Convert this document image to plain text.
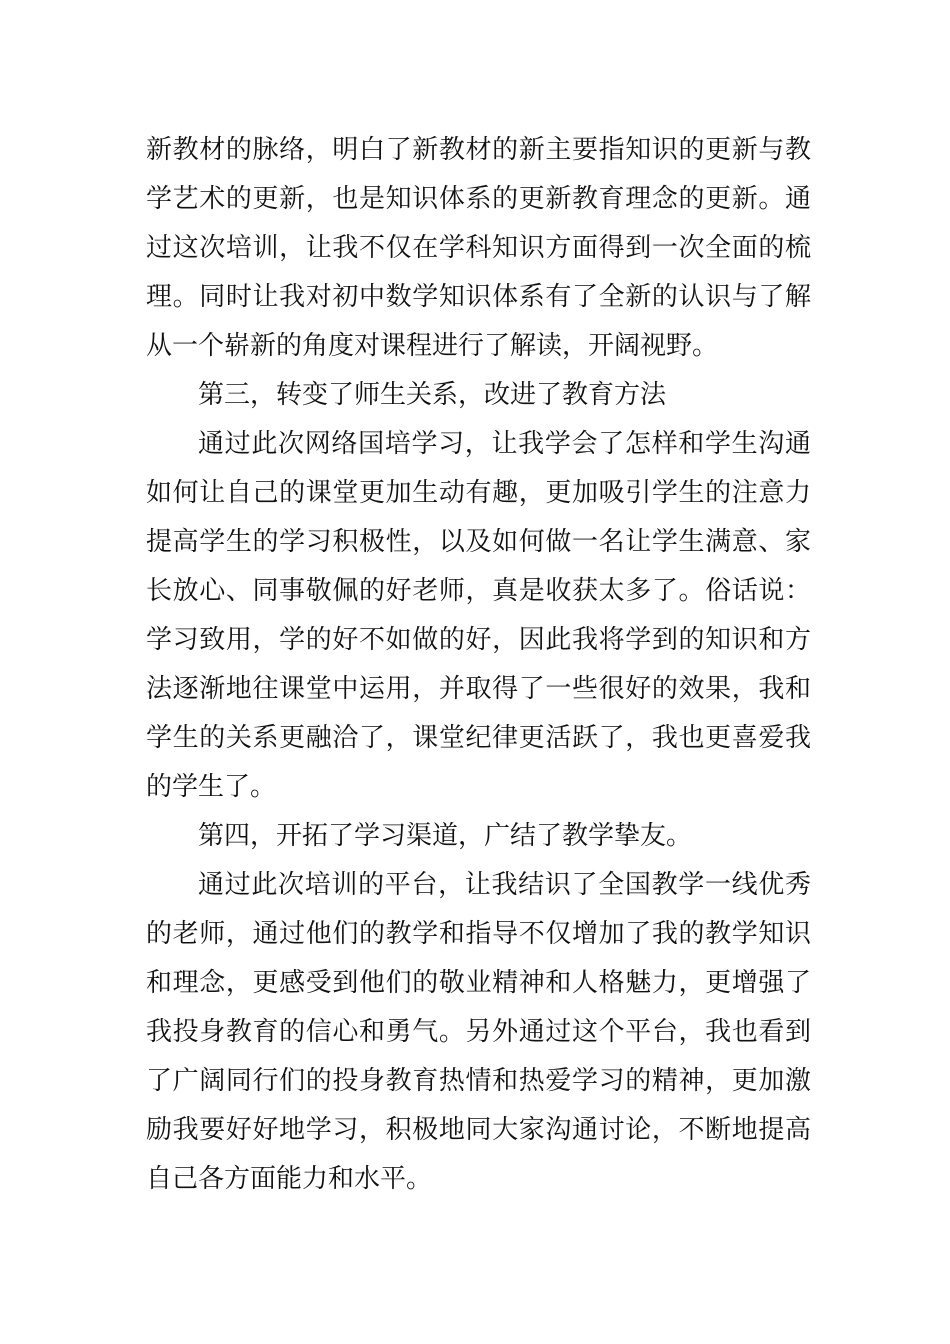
新教材的脉络，明白了新教材的新主要指知识的更新与教
学艺术的更新，也是知识体系的更新教育理念的更新。通
过这次培训，让我不仅在学科知识方面得到一次全面的梳
理。同时让我对初中数学知识体系有了全新的认识与了解
从一个崭新的角度对课程进行了解读，开阔视野。
第三，转变了师生关系，改进了教育方法
通过此次网络国培学习，让我学会了怎样和学生沟通
如何让自己的课堂更加生动有趣，更加吸引学生的注意力
提高学生的学习积极性，以及如何做一名让学生满意、家
长放心、同事敬佩的好老师，真是收获太多了。俗话说：
学习致用，学的好不如做的好，因此我将学到的知识和方
法逐渐地往课堂中运用，并取得了一些很好的效果，我和
学生的关系更融洽了，课堂纪律更活跃了，我也更喜爱我
的学生了。
第四，开拓了学习渠道，广结了教学挚友。
通过此次培训的平台，让我结识了全国教学一线优秀
的老师，通过他们的教学和指导不仅增加了我的教学知识
和理念，更感受到他们的敬业精神和人格魅力，更增强了
我投身教育的信心和勇气。另外通过这个平台，我也看到
了广阔同行们的投身教育热情和热爱学习的精神，更加激
励我要好好地学习，积极地同大家沟通讨论，不断地提高
自己各方面能力和水平。
